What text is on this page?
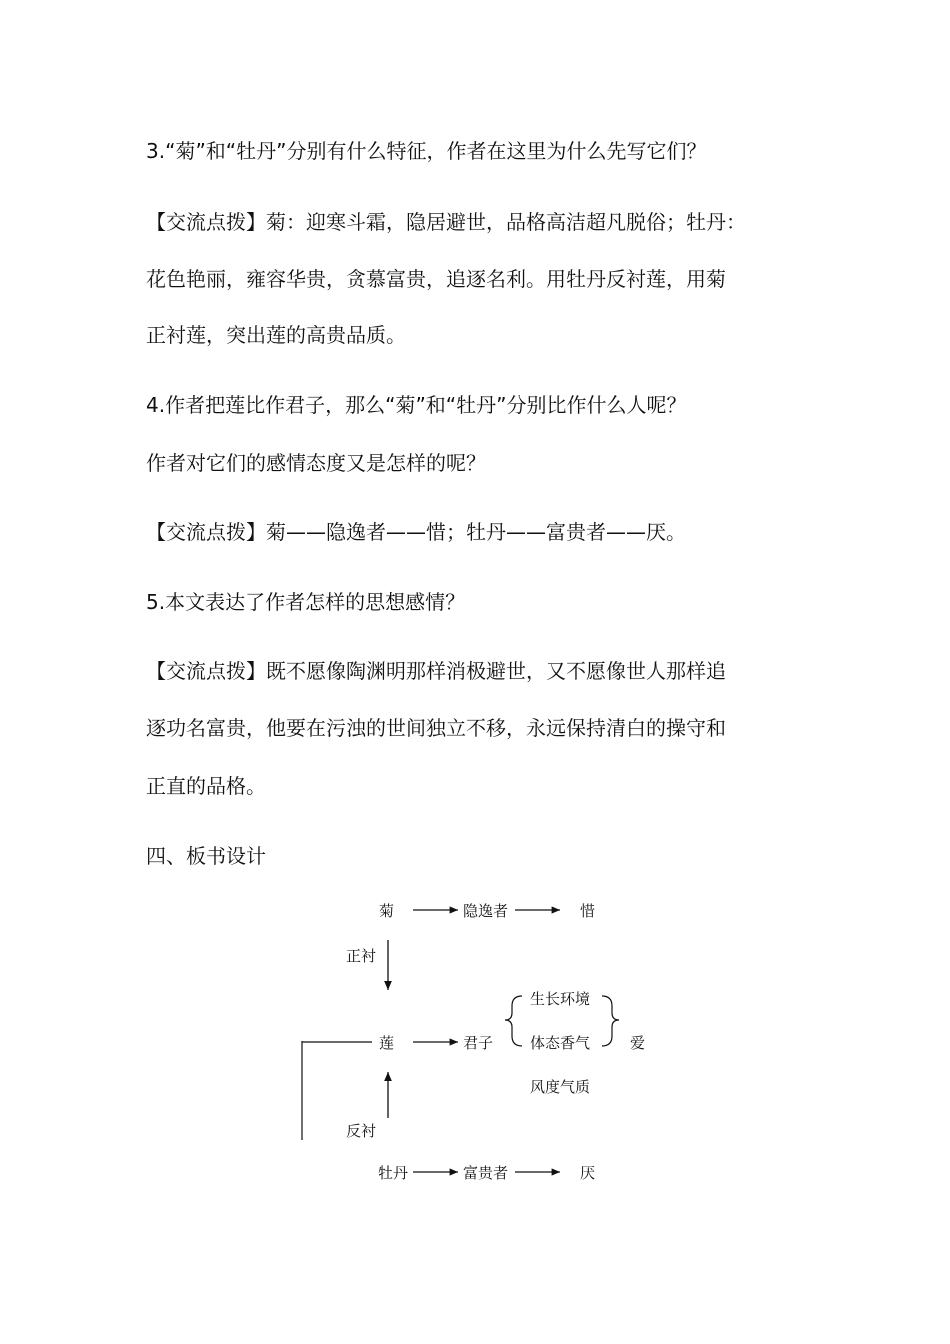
3.“菊”和“牡丹”分别有什么特征，作者在这里为什么先写它们？
【交流点拨】菊：迎寒斗霜，隐居避世，品格高洁超凡脱俗；牡丹：
花色艳丽，雍容华贵，贪慕富贵，追逐名利。用牡丹反衬莲，用菊
正衬莲，突出莲的高贵品质。
4.作者把莲比作君子，那么“菊”和“牡丹”分别比作什么人呢？
作者对它们的感情态度又是怎样的呢？
【交流点拨】菊——隐逸者——惜；牡丹——富贵者——厌。
5.本文表达了作者怎样的思想感情？
【交流点拨】既不愿像陶渊明那样消极避世，又不愿像世人那样追
逐功名富贵，他要在污浊的世间独立不移，永远保持清白的操守和
正直的品格。
四、板书设计
菊	隐逸者	惜
正衬
生长环境
莲	君子 体态香气	爱
风度气质
反衬
牡丹	富贵者	厌
